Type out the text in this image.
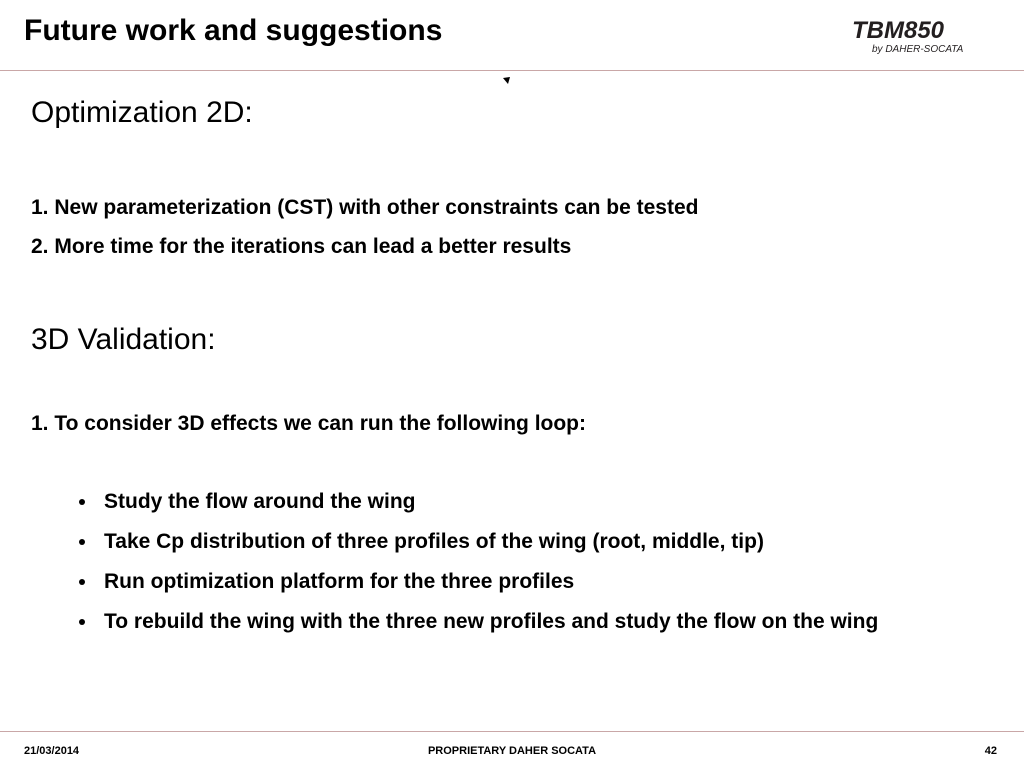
Future work and suggestions	TBM850
by DAHER-SOCATA
Optimization 2D:

1. New parameterization (CST) with other constraints can be tested

2. More time for the iterations can lead a better results

3D Validation:

1. To consider 3D effects we can run the following loop:

Study the flow around the wing
Take Cp distribution of three profiles of the wing (root, middle, tip)
Run optimization platform for the three profiles
To rebuild the wing with the three new profiles and study the flow on the wing
21/03/2014	PROPRIETARY DAHER SOCATA	42
